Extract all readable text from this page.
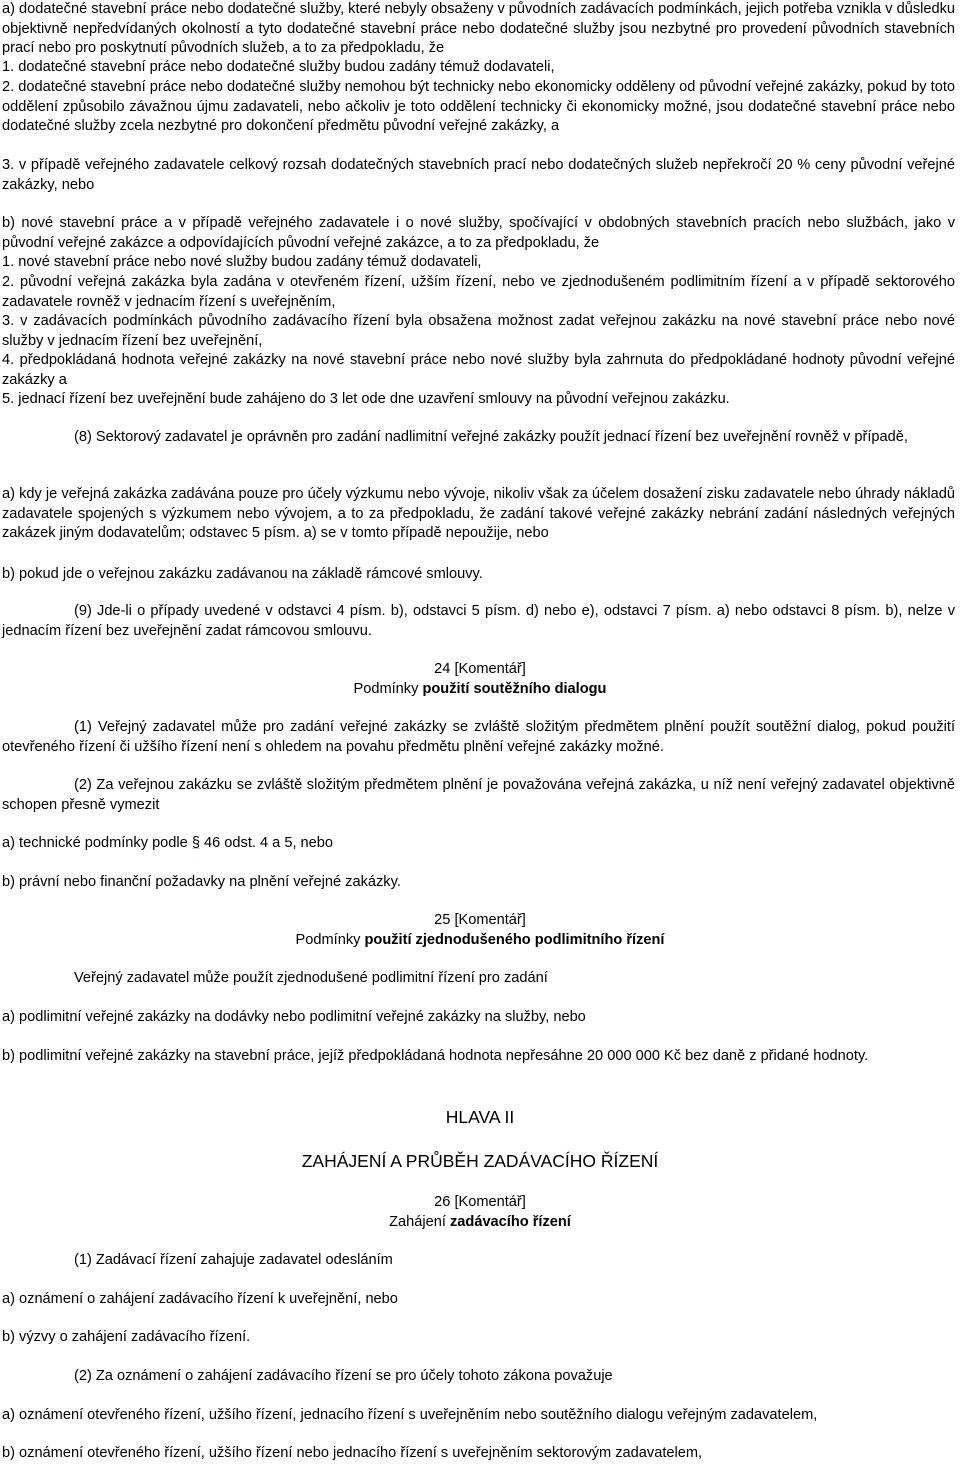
a) dodatečné stavební práce nebo dodatečné služby, které nebyly obsaženy v původních zadávacích podmínkách, jejich potřeba vznikla v důsledku objektivně nepředvídaných okolností a tyto dodatečné stavební práce nebo dodatečné služby jsou nezbytné pro provedení původních stavebních prací nebo pro poskytnutí původních služeb, a to za předpokladu, že

1. dodatečné stavební práce nebo dodatečné služby budou zadány témuž dodavateli,

2. dodatečné stavební práce nebo dodatečné služby nemohou být technicky nebo ekonomicky odděleny od původní veřejné zakázky, pokud by toto oddělení způsobilo závažnou újmu zadavateli, nebo ačkoliv je toto oddělení technicky či ekonomicky možné, jsou dodatečné stavební práce nebo dodatečné služby zcela nezbytné pro dokončení předmětu původní veřejné zakázky, a

3. v případě veřejného zadavatele celkový rozsah dodatečných stavebních prací nebo dodatečných služeb nepřekročí 20 % ceny původní veřejné zakázky, nebo

b) nové stavební práce a v případě veřejného zadavatele i o nové služby, spočívající v obdobných stavebních pracích nebo službách, jako v původní veřejné zakázce a odpovídajících původní veřejné zakázce, a to za předpokladu, že

1. nové stavební práce nebo nové služby budou zadány témuž dodavateli,

2. původní veřejná zakázka byla zadána v otevřeném řízení, užším řízení, nebo ve zjednodušeném podlimitním řízení a v případě sektorového zadavatele rovněž v jednacím řízení s uveřejněním,

3. v zadávacích podmínkách původního zadávacího řízení byla obsažena možnost zadat veřejnou zakázku na nové stavební práce nebo nové služby v jednacím řízení bez uveřejnění,

4. předpokládaná hodnota veřejné zakázky na nové stavební práce nebo nové služby byla zahrnuta do předpokládané hodnoty původní veřejné zakázky a

5. jednací řízení bez uveřejnění bude zahájeno do 3 let ode dne uzavření smlouvy na původní veřejnou zakázku.

(8) Sektorový zadavatel je oprávněn pro zadání nadlimitní veřejné zakázky použít jednací řízení bez uveřejnění rovněž v případě,

a) kdy je veřejná zakázka zadávána pouze pro účely výzkumu nebo vývoje, nikoliv však za účelem dosažení zisku zadavatele nebo úhrady nákladů zadavatele spojených s výzkumem nebo vývojem, a to za předpokladu, že zadání takové veřejné zakázky nebrání zadání následných veřejných zakázek jiným dodavatelům; odstavec 5 písm. a) se v tomto případě nepoužije, nebo

b) pokud jde o veřejnou zakázku zadávanou na základě rámcové smlouvy.

(9) Jde-li o případy uvedené v odstavci 4 písm. b), odstavci 5 písm. d) nebo e), odstavci 7 písm. a) nebo odstavci 8 písm. b), nelze v jednacím řízení bez uveřejnění zadat rámcovou smlouvu.

24 [Komentář]
Podmínky použití soutěžního dialogu

(1) Veřejný zadavatel může pro zadání veřejné zakázky se zvláště složitým předmětem plnění použít soutěžní dialog, pokud použití otevřeného řízení či užšího řízení není s ohledem na povahu předmětu plnění veřejné zakázky možné.

(2) Za veřejnou zakázku se zvláště složitým předmětem plnění je považována veřejná zakázka, u níž není veřejný zadavatel objektivně schopen přesně vymezit

a) technické podmínky podle § 46 odst. 4 a 5, nebo

b) právní nebo finanční požadavky na plnění veřejné zakázky.

25 [Komentář]
Podmínky použití zjednodušeného podlimitního řízení

Veřejný zadavatel může použít zjednodušené podlimitní řízení pro zadání

a) podlimitní veřejné zakázky na dodávky nebo podlimitní veřejné zakázky na služby, nebo

b) podlimitní veřejné zakázky na stavební práce, jejíž předpokládaná hodnota nepřesáhne 20 000 000 Kč bez daně z přidané hodnoty.

HLAVA II
ZAHÁJENÍ A PRŮBĚH ZADÁVACÍHO ŘÍZENÍ
26 [Komentář]
Zahájení zadávacího řízení

(1) Zadávací řízení zahajuje zadavatel odesláním

a) oznámení o zahájení zadávacího řízení k uveřejnění, nebo

b) výzvy o zahájení zadávacího řízení.

(2) Za oznámení o zahájení zadávacího řízení se pro účely tohoto zákona považuje

a) oznámení otevřeného řízení, užšího řízení, jednacího řízení s uveřejněním nebo soutěžního dialogu veřejným zadavatelem,

b) oznámení otevřeného řízení, užšího řízení nebo jednacího řízení s uveřejněním sektorovým zadavatelem,
